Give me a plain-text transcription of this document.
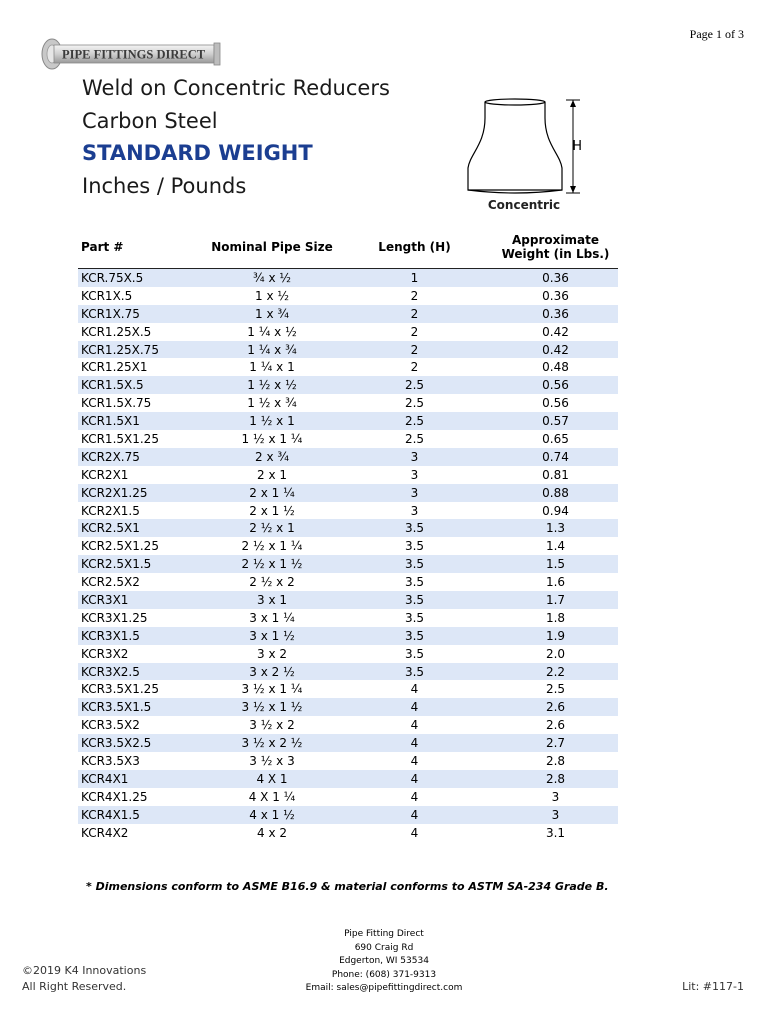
Page 1 of 3
PIPE FITTINGS DIRECT
Weld on Concentric Reducers
Carbon Steel
STANDARD WEIGHT
Inches / Pounds
H
Concentric
Part #	Nominal Pipe Size	Length (H)	Approximate
Weight (in Lbs.)

KCR.75X.5	¾ x ½	1	0.36
KCR1X.5	1 x ½	2	0.36
KCR1X.75	1 x ¾	2	0.36
KCR1.25X.5	1 ¼ x ½	2	0.42
KCR1.25X.75	1 ¼ x ¾	2	0.42
KCR1.25X1	1 ¼ x 1	2	0.48
KCR1.5X.5	1 ½ x ½	2.5	0.56
KCR1.5X.75	1 ½ x ¾	2.5	0.56
KCR1.5X1	1 ½ x 1	2.5	0.57
KCR1.5X1.25	1 ½ x 1 ¼	2.5	0.65
KCR2X.75	2 x ¾	3	0.74
KCR2X1	2 x 1	3	0.81
KCR2X1.25	2 x 1 ¼	3	0.88
KCR2X1.5	2 x 1 ½	3	0.94
KCR2.5X1	2 ½ x 1	3.5	1.3
KCR2.5X1.25	2 ½ x 1 ¼	3.5	1.4
KCR2.5X1.5	2 ½ x 1 ½	3.5	1.5
KCR2.5X2	2 ½ x 2	3.5	1.6
KCR3X1	3 x 1	3.5	1.7
KCR3X1.25	3 x 1 ¼	3.5	1.8
KCR3X1.5	3 x 1 ½	3.5	1.9
KCR3X2	3 x 2	3.5	2.0
KCR3X2.5	3 x 2 ½	3.5	2.2
KCR3.5X1.25	3 ½ x 1 ¼	4	2.5
KCR3.5X1.5	3 ½ x 1 ½	4	2.6
KCR3.5X2	3 ½ x 2	4	2.6
KCR3.5X2.5	3 ½ x 2 ½	4	2.7
KCR3.5X3	3 ½ x 3	4	2.8
KCR4X1	4 X 1	4	2.8
KCR4X1.25	4 X 1 ¼	4	3
KCR4X1.5	4 x 1 ½	4	3
KCR4X2	4 x 2	4	3.1
* Dimensions conform to ASME B16.9 & material conforms to ASTM SA-234 Grade B.
Pipe Fitting Direct
690 Craig Rd
Edgerton, WI 53534
Phone: (608) 371-9313
Email: sales@pipefittingdirect.com
©2019 K4 Innovations
All Right Reserved.	Lit: #117-1
